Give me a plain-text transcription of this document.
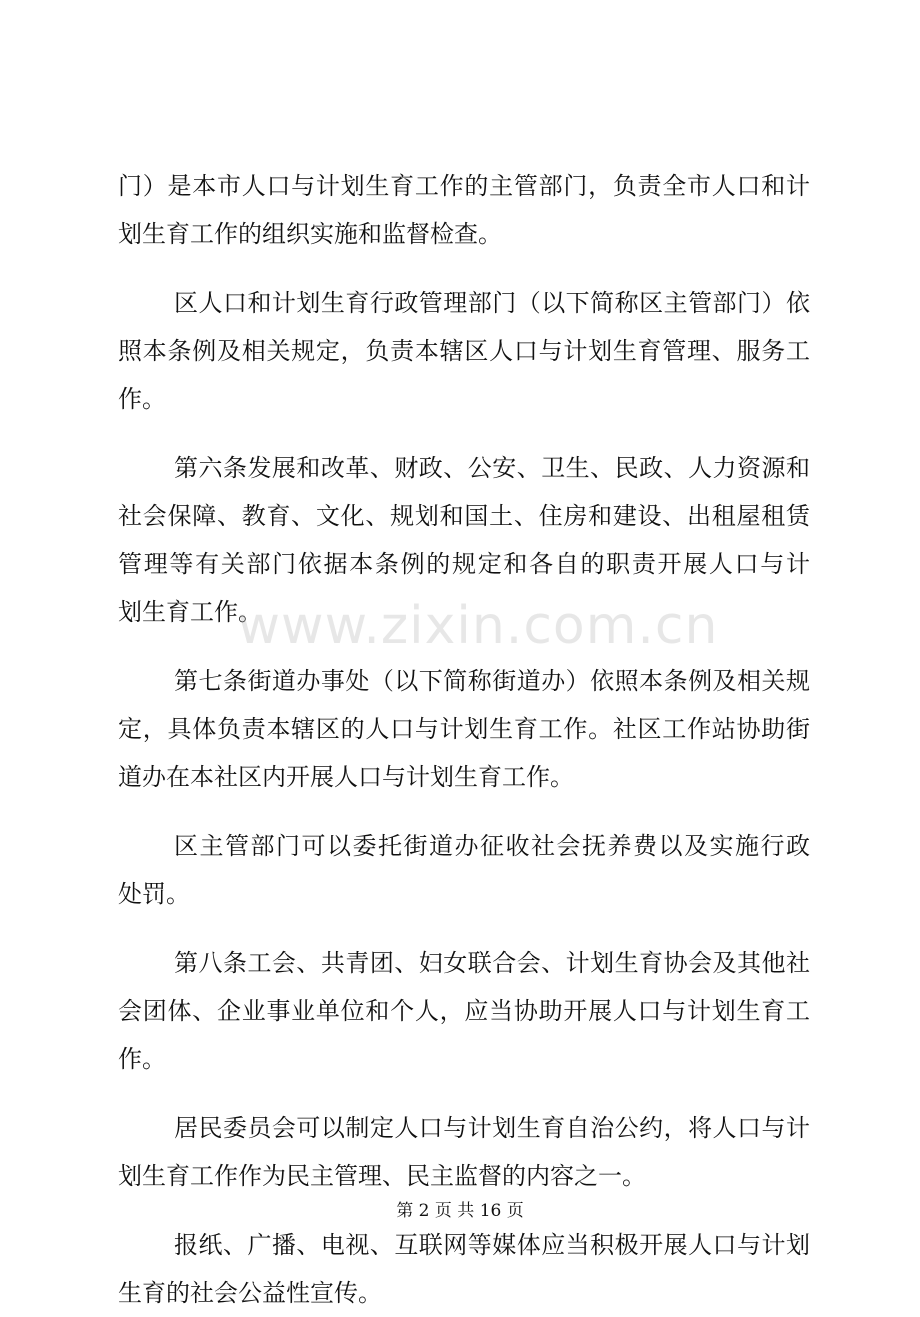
门）是本市人口与计划生育工作的主管部门，负责全市人口和计
划生育工作的组织实施和监督检查。
区人口和计划生育行政管理部门（以下简称区主管部门）依
照本条例及相关规定，负责本辖区人口与计划生育管理、服务工
作。
第六条发展和改革、财政、公安、卫生、民政、人力资源和
社会保障、教育、文化、规划和国土、住房和建设、出租屋租赁
管理等有关部门依据本条例的规定和各自的职责开展人口与计
划生育工作。
第七条街道办事处（以下简称街道办）依照本条例及相关规
定，具体负责本辖区的人口与计划生育工作。社区工作站协助街
道办在本社区内开展人口与计划生育工作。
区主管部门可以委托街道办征收社会抚养费以及实施行政
处罚。
第八条工会、共青团、妇女联合会、计划生育协会及其他社
会团体、企业事业单位和个人，应当协助开展人口与计划生育工
作。
居民委员会可以制定人口与计划生育自治公约，将人口与计
划生育工作作为民主管理、民主监督的内容之一。
报纸、广播、电视、互联网等媒体应当积极开展人口与计划
生育的社会公益性宣传。
www.zixin.com.cn
第 2 页 共 16 页
